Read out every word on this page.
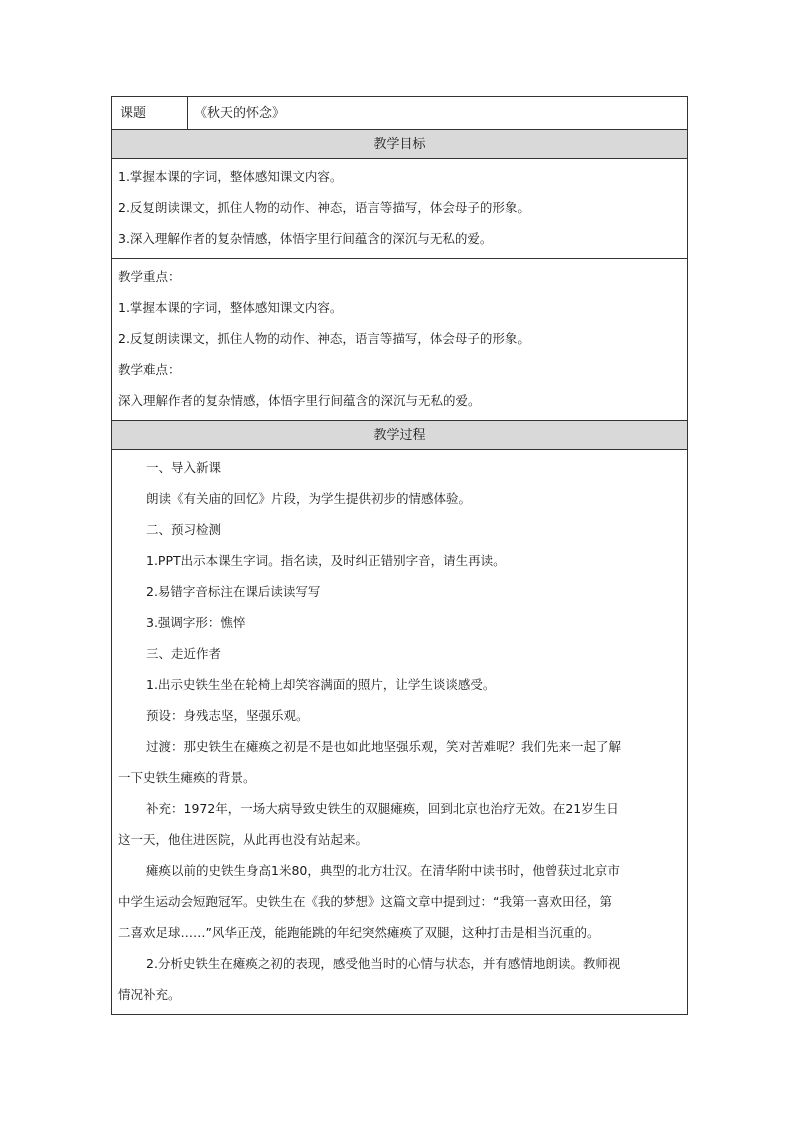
课题	《秋天的怀念》
教学目标
1.掌握本课的字词，整体感知课文内容。
2.反复朗读课文，抓住人物的动作、神态，语言等描写，体会母子的形象。
3.深入理解作者的复杂情感，体悟字里行间蕴含的深沉与无私的爱。
教学重点：
1.掌握本课的字词，整体感知课文内容。
2.反复朗读课文，抓住人物的动作、神态，语言等描写，体会母子的形象。
教学难点：
深入理解作者的复杂情感，体悟字里行间蕴含的深沉与无私的爱。
教学过程
一、导入新课
朗读《有关庙的回忆》片段，为学生提供初步的情感体验。
二、预习检测
1.PPT出示本课生字词。指名读，及时纠正错别字音，请生再读。
2.易错字音标注在课后读读写写
3.强调字形：憔悴
三、走近作者
1.出示史铁生坐在轮椅上却笑容满面的照片，让学生谈谈感受。
预设：身残志坚，坚强乐观。
过渡：那史铁生在瘫痪之初是不是也如此地坚强乐观，笑对苦难呢？我们先来一起了解
一下史铁生瘫痪的背景。
补充：1972年，一场大病导致史铁生的双腿瘫痪，回到北京也治疗无效。在21岁生日
这一天，他住进医院，从此再也没有站起来。
瘫痪以前的史铁生身高1米80，典型的北方壮汉。在清华附中读书时，他曾获过北京市
中学生运动会短跑冠军。史铁生在《我的梦想》这篇文章中提到过：“我第一喜欢田径，第
二喜欢足球……”风华正茂，能跑能跳的年纪突然瘫痪了双腿，这种打击是相当沉重的。
2.分析史铁生在瘫痪之初的表现，感受他当时的心情与状态，并有感情地朗读。教师视
情况补充。
